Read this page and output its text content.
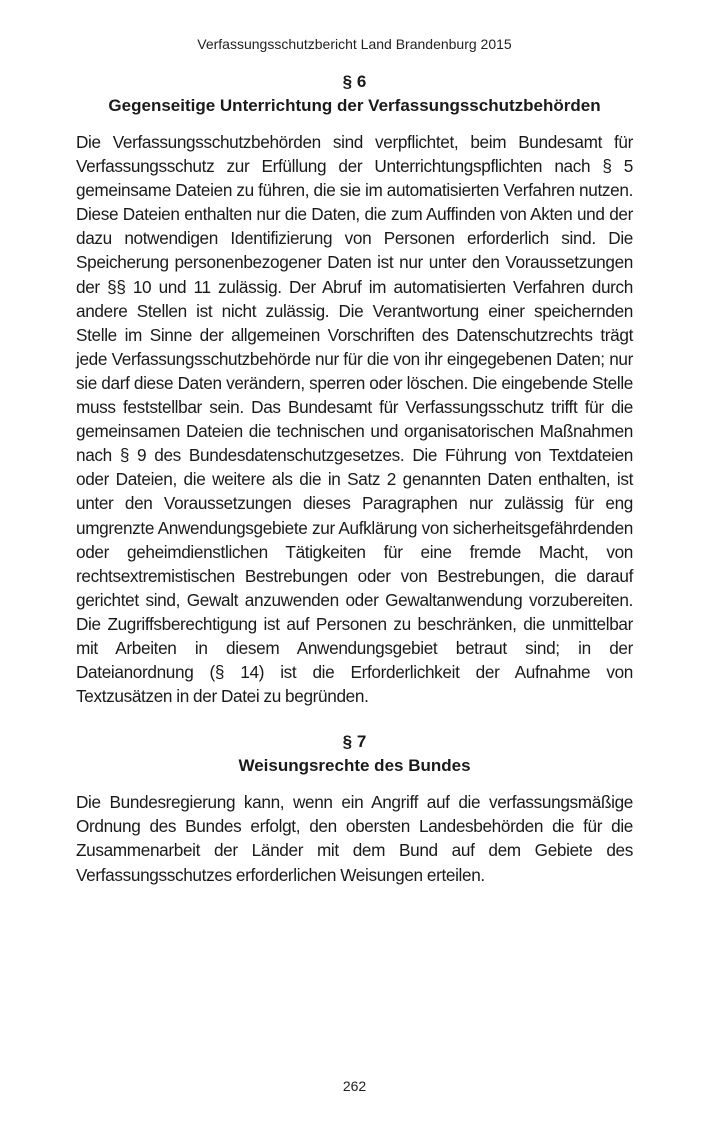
Verfassungsschutzbericht Land Brandenburg 2015
§ 6
Gegenseitige Unterrichtung der Verfassungsschutzbehörden

Die Verfassungsschutzbehörden sind verpflichtet, beim Bundesamt für Verfassungsschutz zur Erfüllung der Unterrichtungspflichten nach § 5 gemeinsame Dateien zu führen, die sie im automatisierten Verfahren nutzen. Diese Dateien enthalten nur die Daten, die zum Auffinden von Akten und der dazu notwendigen Identifizierung von Personen erforderlich sind. Die Speicherung personenbezogener Daten ist nur unter den Voraussetzungen der §§ 10 und 11 zulässig. Der Abruf im automatisierten Verfahren durch andere Stellen ist nicht zulässig. Die Verantwortung einer speichernden Stelle im Sinne der allgemeinen Vorschriften des Datenschutzrechts trägt jede Verfassungsschutzbehörde nur für die von ihr eingegebenen Daten; nur sie darf diese Daten verändern, sperren oder löschen. Die eingebende Stelle muss feststellbar sein. Das Bundesamt für Verfassungsschutz trifft für die gemeinsamen Dateien die technischen und organisatorischen Maßnahmen nach § 9 des Bundesdatenschutzgesetzes. Die Führung von Textdateien oder Dateien, die weitere als die in Satz 2 genannten Daten enthalten, ist unter den Voraussetzungen dieses Paragraphen nur zulässig für eng umgrenzte Anwendungsgebiete zur Aufklärung von sicherheitsgefährdenden oder geheimdienstlichen Tätigkeiten für eine fremde Macht, von rechtsextremistischen Bestrebungen oder von Bestrebungen, die darauf gerichtet sind, Gewalt anzuwenden oder Gewaltanwendung vorzubereiten. Die Zugriffsberechtigung ist auf Personen zu beschränken, die unmittelbar mit Arbeiten in diesem Anwendungsgebiet betraut sind; in der Dateianordnung (§ 14) ist die Erforderlichkeit der Aufnahme von Textzusätzen in der Datei zu begründen.

§ 7
Weisungsrechte des Bundes

Die Bundesregierung kann, wenn ein Angriff auf die verfassungsmäßige Ordnung des Bundes erfolgt, den obersten Landesbehörden die für die Zusammenarbeit der Länder mit dem Bund auf dem Gebiete des Verfassungsschutzes erforderlichen Weisungen erteilen.

262
